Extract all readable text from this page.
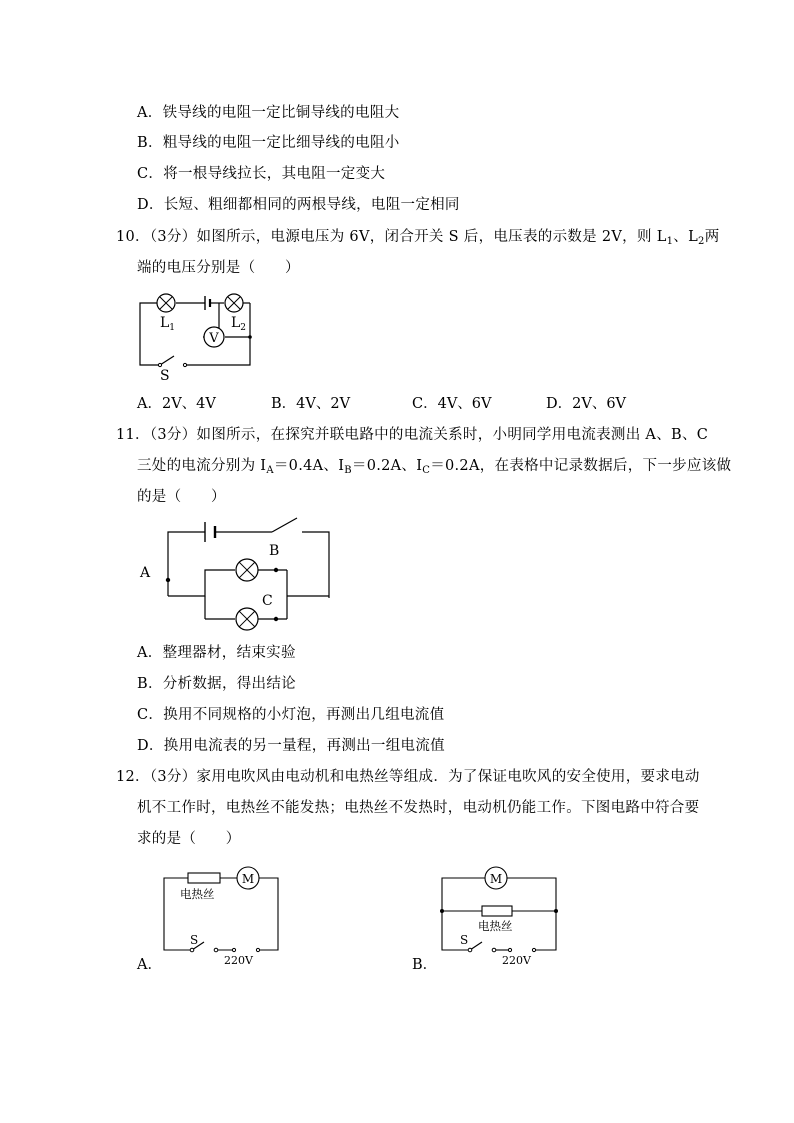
A．铁导线的电阻一定比铜导线的电阻大
B．粗导线的电阻一定比细导线的电阻小
C．将一根导线拉长，其电阻一定变大
D．长短、粗细都相同的两根导线，电阻一定相同
10．（3分）如图所示，电源电压为 6V，闭合开关 S 后，电压表的示数是 2V，则 $L_1$、$L_2$两
端的电压分别是（　　）
V
$L_1$	$L_2$
S
A．2V、4V	B．4V、2V	C．4V、6V	D．2V、6V
11．（3分）如图所示，在探究并联电路中的电流关系时，小明同学用电流表测出 A、B、C
三处的电流分别为 $I_A=0.4A$、$I_B=0.2A$、$I_C=0.2A$，在表格中记录数据后，下一步应该做
的是（　　）
A
B
C
A．整理器材，结束实验
B．分析数据，得出结论
C．换用不同规格的小灯泡，再测出几组电流值
D．换用电流表的另一量程，再测出一组电流值
12．（3分）家用电吹风由电动机和电热丝等组成．为了保证电吹风的安全使用，要求电动
机不工作时，电热丝不能发热；电热丝不发热时，电动机仍能工作。下图电路中符合要
求的是（　　）
A．
M
电热丝
S
220V	B．
M
电热丝
S
220V
